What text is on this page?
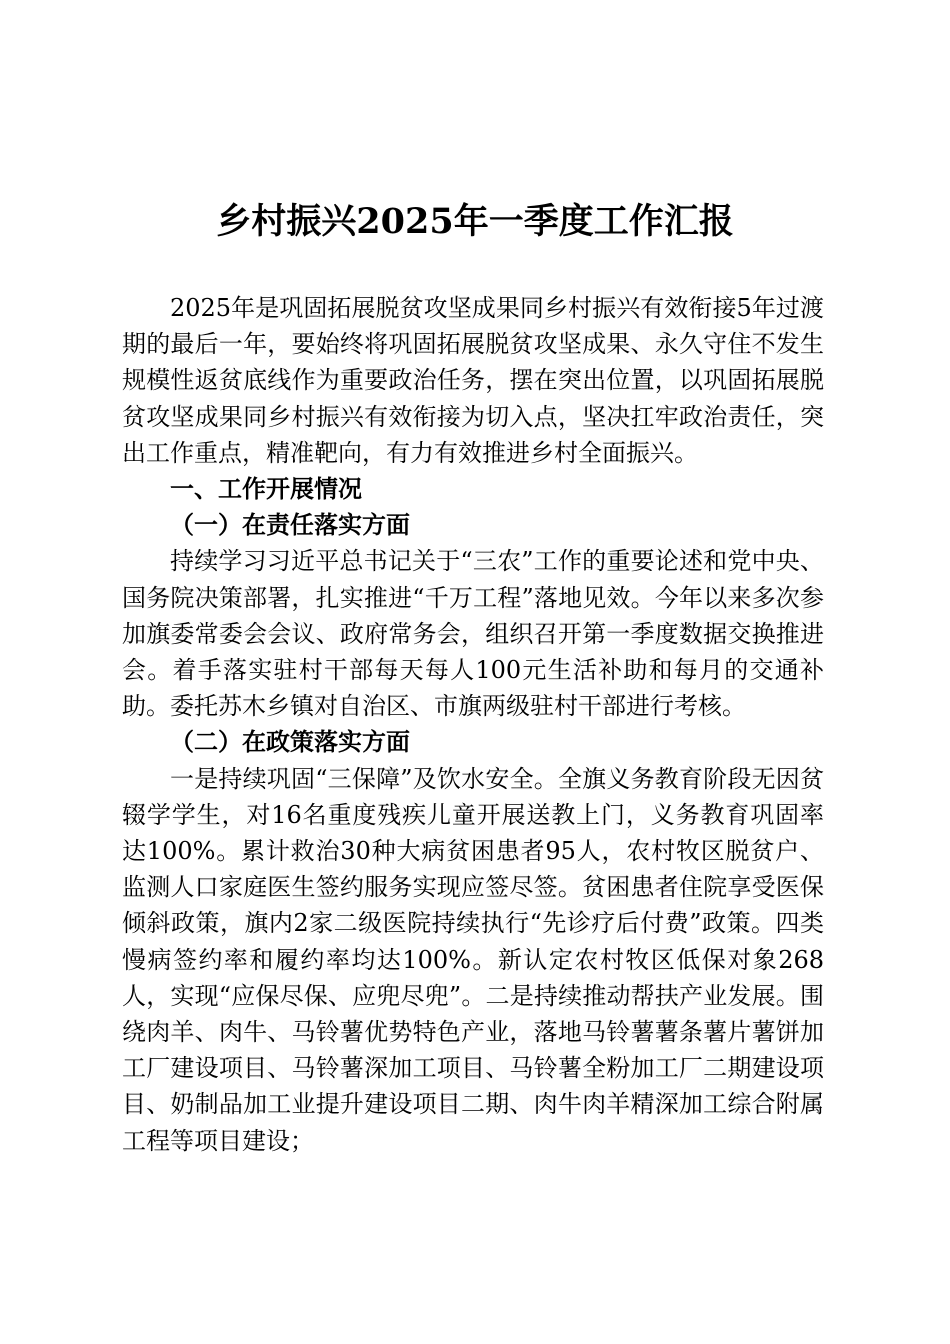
乡村振兴2025年一季度工作汇报

2025年是巩固拓展脱贫攻坚成果同乡村振兴有效衔接5年过渡期的最后一年，要始终将巩固拓展脱贫攻坚成果、永久守住不发生规模性返贫底线作为重要政治任务，摆在突出位置，以巩固拓展脱贫攻坚成果同乡村振兴有效衔接为切入点，坚决扛牢政治责任，突出工作重点，精准靶向，有力有效推进乡村全面振兴。

一、工作开展情况

（一）在责任落实方面

持续学习习近平总书记关于“三农”工作的重要论述和党中央、国务院决策部署，扎实推进“千万工程”落地见效。今年以来多次参加旗委常委会会议、政府常务会，组织召开第一季度数据交换推进会。着手落实驻村干部每天每人100元生活补助和每月的交通补助。委托苏木乡镇对自治区、市旗两级驻村干部进行考核。

（二）在政策落实方面

一是持续巩固“三保障”及饮水安全。全旗义务教育阶段无因贫辍学学生，对16名重度残疾儿童开展送教上门，义务教育巩固率达100%。累计救治30种大病贫困患者95人，农村牧区脱贫户、监测人口家庭医生签约服务实现应签尽签。贫困患者住院享受医保倾斜政策，旗内2家二级医院持续执行“先诊疗后付费”政策。四类慢病签约率和履约率均达100%。新认定农村牧区低保对象268人，实现“应保尽保、应兜尽兜”。二是持续推动帮扶产业发展。围绕肉羊、肉牛、马铃薯优势特色产业，落地马铃薯薯条薯片薯饼加工厂建设项目、马铃薯深加工项目、马铃薯全粉加工厂二期建设项目、奶制品加工业提升建设项目二期、肉牛肉羊精深加工综合附属工程等项目建设；
